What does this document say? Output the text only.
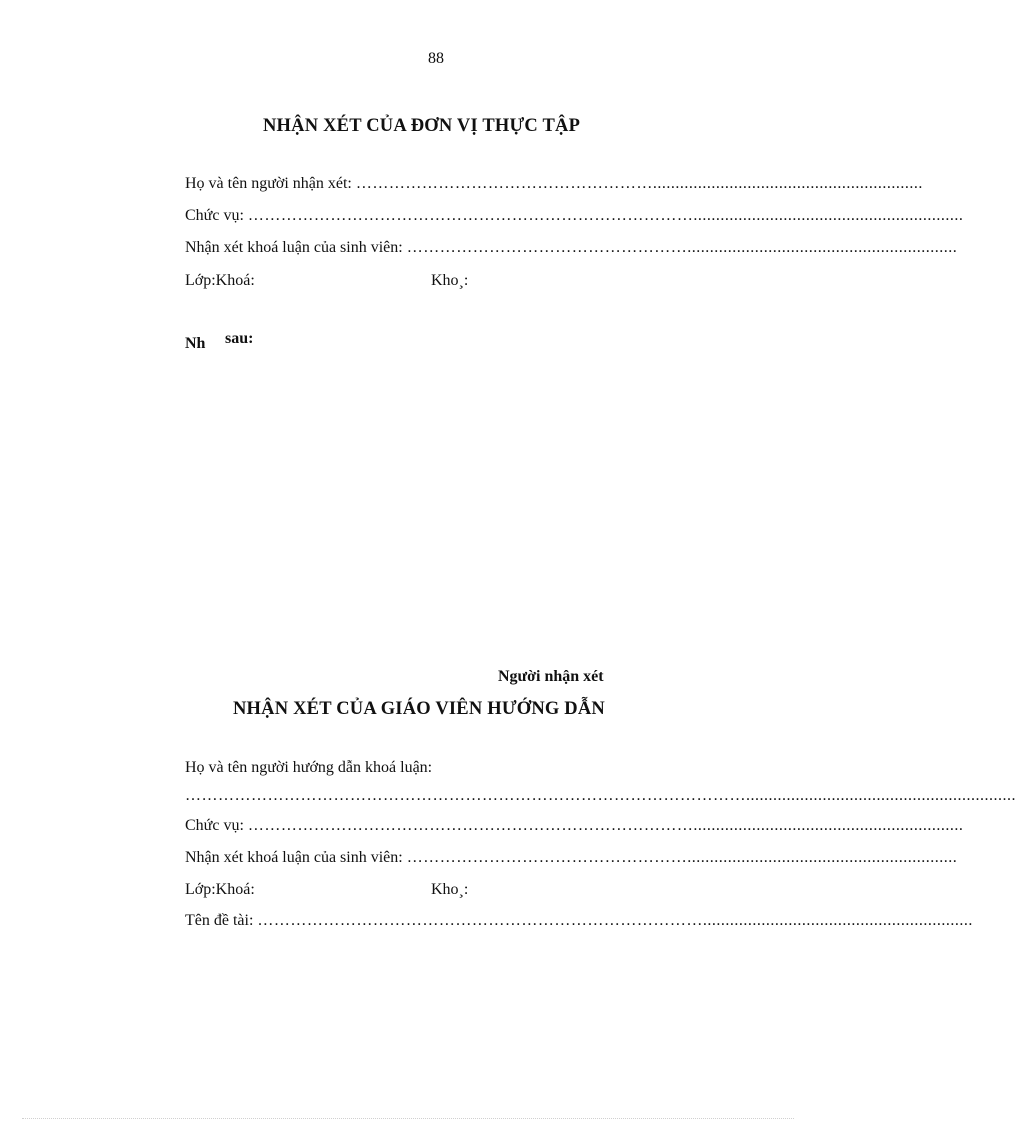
88
NHẬN XÉT CỦA ĐƠN VỊ THỰC TẬP
Họ và tên người nhận xét: ………………………………………………............................................................
Chức vụ: ………………………………………………………………………............................................................
Nhận xét khoá luận của sinh viên: ……………………………………………............................................................
Lớp:Khoá:	Kho¸:
Nh sau:
Người nhận xét
NHẬN XÉT CỦA GIÁO VIÊN HƯỚNG DẪN
Họ và tên người hướng dẫn khoá luận:
…………………………………………………………………………………………............................................................
Chức vụ: ………………………………………………………………………............................................................
Nhận xét khoá luận của sinh viên: ……………………………………………............................................................
Lớp:Khoá:	Kho¸:
Tên đề tài: ………………………………………………………………………............................................................
